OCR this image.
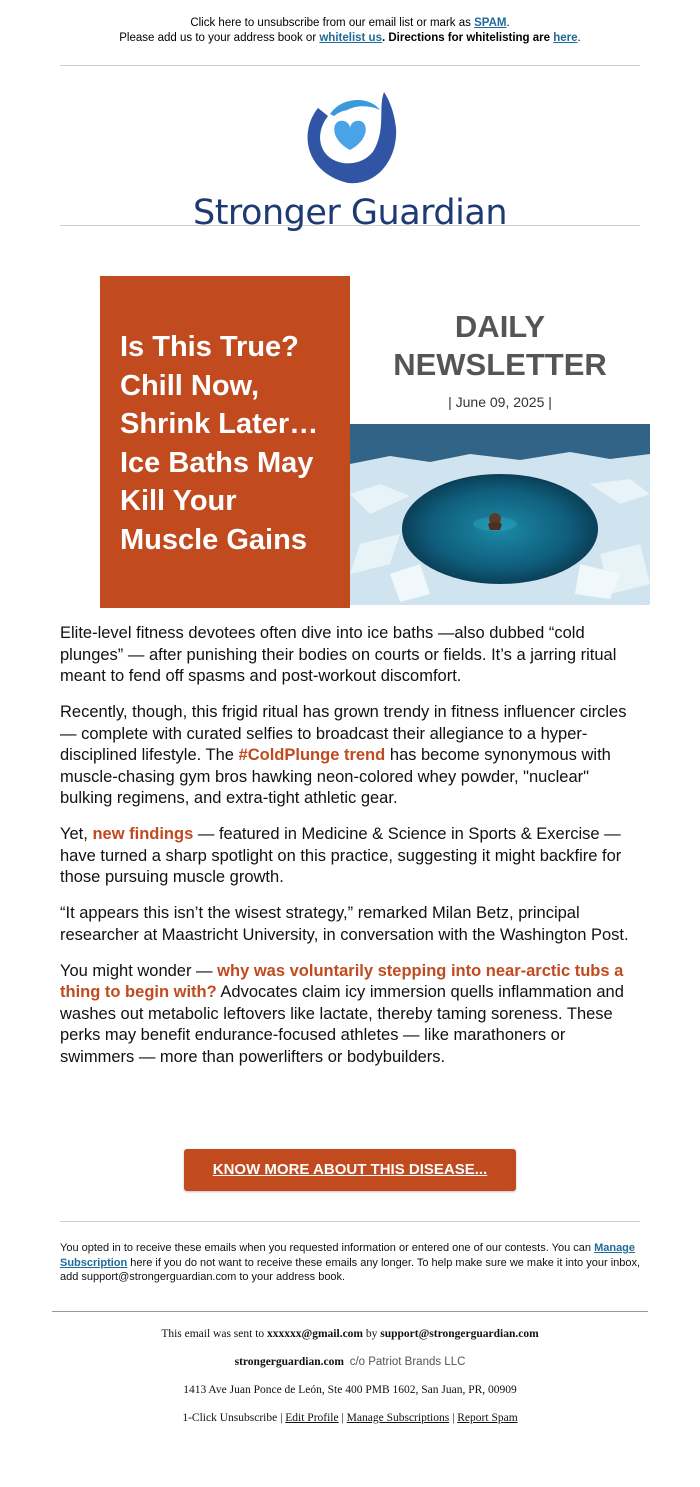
Click here to unsubscribe from our email list or mark as SPAM.
Please add us to your address book or whitelist us. Directions for whitelisting are here.
Stronger Guardian
Is This True? Chill Now, Shrink Later… Ice Baths May Kill Your Muscle Gains
DAILY
NEWSLETTER
| June 09, 2025 |

Elite-level fitness devotees often dive into ice baths —also dubbed “cold plunges” — after punishing their bodies on courts or fields. It’s a jarring ritual meant to fend off spasms and post-workout discomfort.

Recently, though, this frigid ritual has grown trendy in fitness influencer circles — complete with curated selfies to broadcast their allegiance to a hyper-disciplined lifestyle. The #ColdPlunge trend has become synonymous with muscle-chasing gym bros hawking neon-colored whey powder, "nuclear" bulking regimens, and extra-tight athletic gear.

Yet, new findings — featured in Medicine & Science in Sports & Exercise — have turned a sharp spotlight on this practice, suggesting it might backfire for those pursuing muscle growth.

“It appears this isn’t the wisest strategy,” remarked Milan Betz, principal researcher at Maastricht University, in conversation with the Washington Post.

You might wonder — why was voluntarily stepping into near-arctic tubs a thing to begin with? Advocates claim icy immersion quells inflammation and washes out metabolic leftovers like lactate, thereby taming soreness. These perks may benefit endurance-focused athletes — like marathoners or swimmers — more than powerlifters or bodybuilders.

KNOW MORE ABOUT THIS DISEASE...
You opted in to receive these emails when you requested information or entered one of our contests. You can Manage Subscription here if you do not want to receive these emails any longer. To help make sure we make it into your inbox, add support@strongerguardian.com to your address book.
This email was sent to xxxxxx@gmail.com by support@strongerguardian.com
strongerguardian.com c/o Patriot Brands LLC
1413 Ave Juan Ponce de León, Ste 400 PMB 1602, San Juan, PR, 00909
1-Click Unsubscribe | Edit Profile | Manage Subscriptions | Report Spam
